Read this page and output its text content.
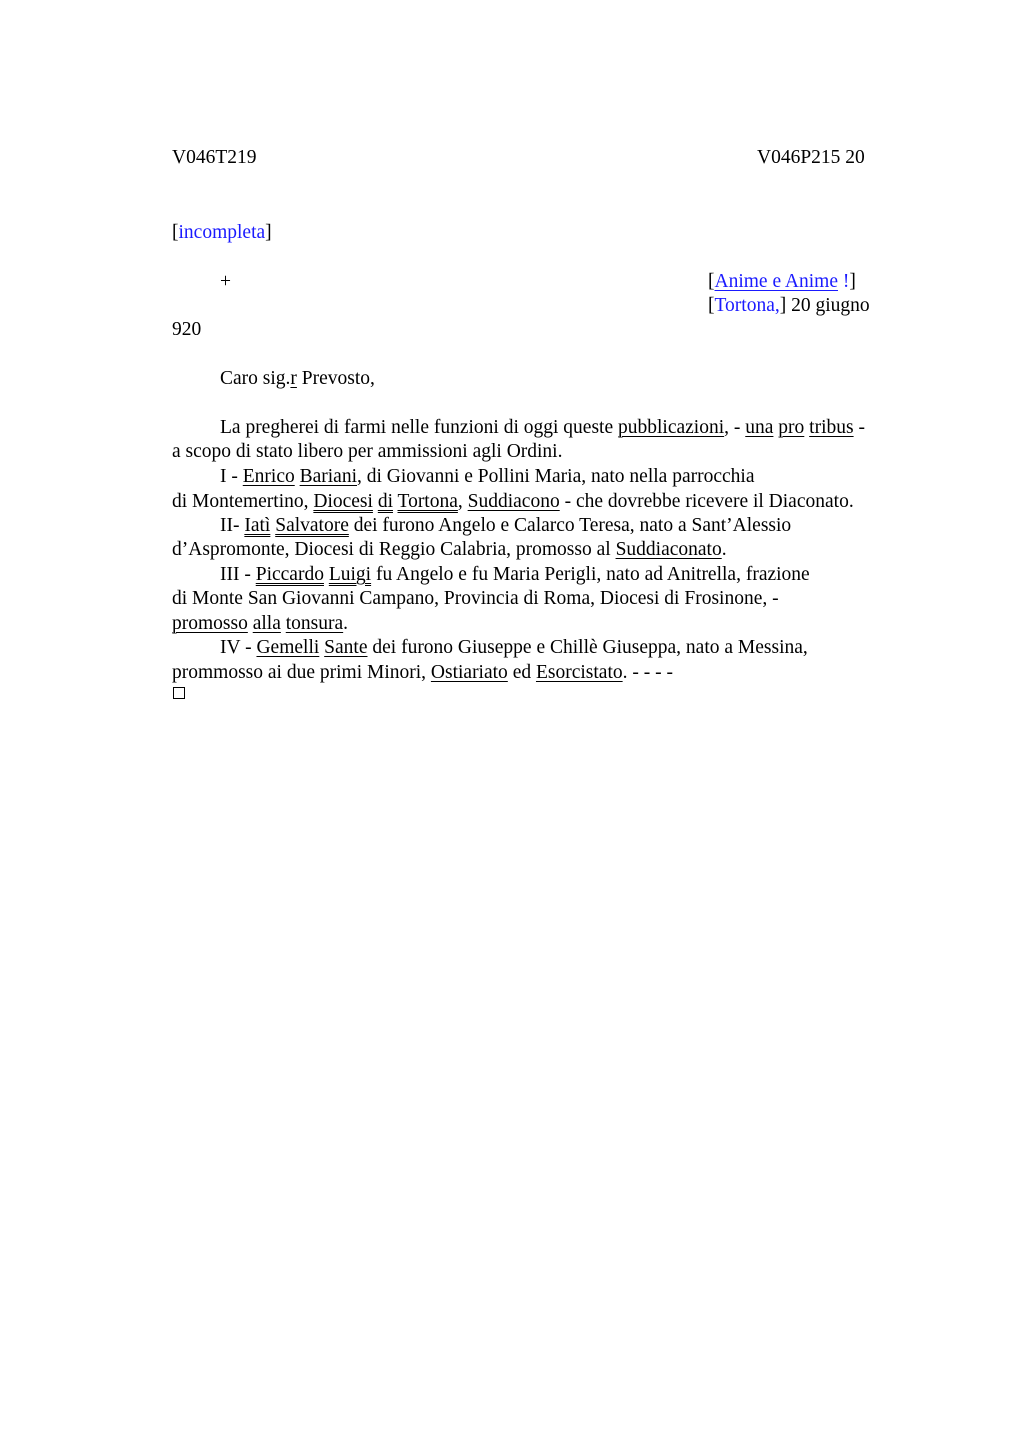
V046T219	V046P215 20
[incompleta]
+	[Anime e Anime !]
[Tortona,] 20 giugno
920
Caro sig.r Prevosto,
La pregherei di farmi nelle funzioni di oggi queste pubblicazioni, - una pro tribus -
a scopo di stato libero per ammissioni agli Ordini.
I - Enrico Bariani, di Giovanni e Pollini Maria, nato nella parrocchia
di Montemertino, Diocesi di Tortona, Suddiacono - che dovrebbe ricevere il Diaconato.
II- Iatì Salvatore dei furono Angelo e Calarco Teresa, nato a Sant’Alessio
d’Aspromonte, Diocesi di Reggio Calabria, promosso al Suddiaconato.
III - Piccardo Luigi fu Angelo e fu Maria Perigli, nato ad Anitrella, frazione
di Monte San Giovanni Campano, Provincia di Roma, Diocesi di Frosinone, -
promosso alla tonsura.
IV - Gemelli Sante dei furono Giuseppe e Chillè Giuseppa, nato a Messina,
prommosso ai due primi Minori, Ostiariato ed Esorcistato. - - - -
